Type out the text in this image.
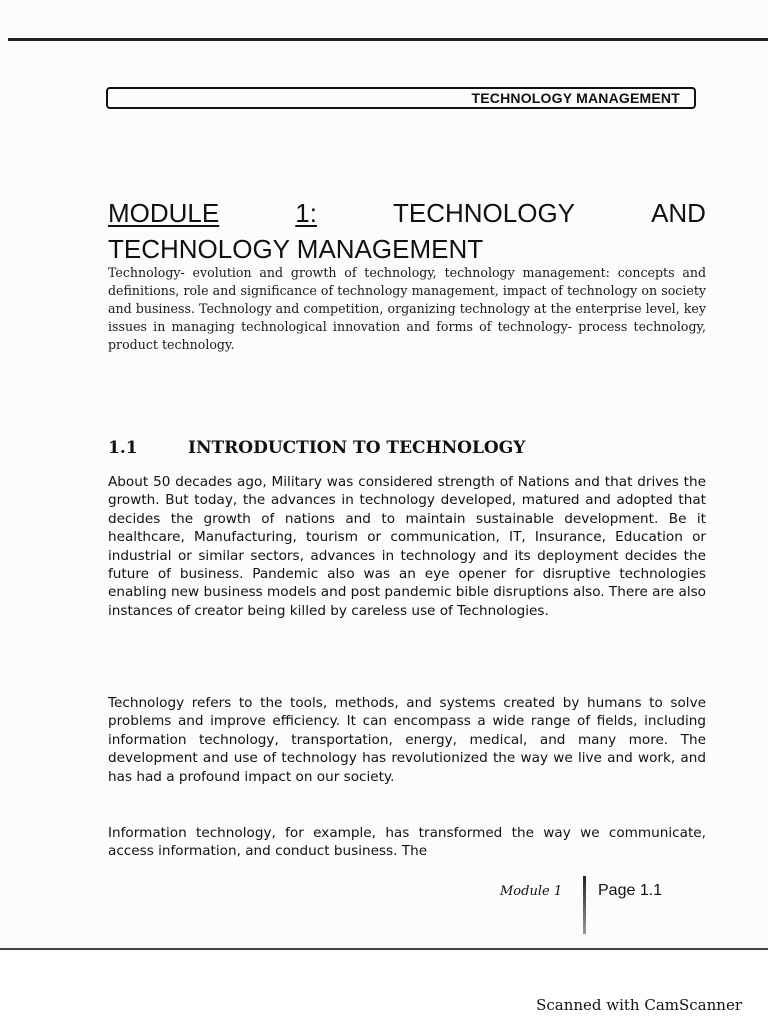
TECHNOLOGY MANAGEMENT
MODULE	1:	TECHNOLOGY	AND
TECHNOLOGY MANAGEMENT

Technology- evolution and growth of technology, technology management: concepts and definitions, role and significance of technology management, impact of technology on society and business. Technology and competition, organizing technology at the enterprise level, key issues in managing technological innovation and forms of technology- process technology, product technology.

1.1	INTRODUCTION TO TECHNOLOGY

About 50 decades ago, Military was considered strength of Nations and that drives the growth. But today, the advances in technology developed, matured and adopted that decides the growth of nations and to maintain sustainable development. Be it healthcare, Manufacturing, tourism or communication, IT, Insurance, Education or industrial or similar sectors, advances in technology and its deployment decides the future of business. Pandemic also was an eye opener for disruptive technologies enabling new business models and post pandemic bible disruptions also. There are also instances of creator being killed by careless use of Technologies.

Technology refers to the tools, methods, and systems created by humans to solve problems and improve efficiency. It can encompass a wide range of fields, including information technology, transportation, energy, medical, and many more. The development and use of technology has revolutionized the way we live and work, and has had a profound impact on our society.

Information technology, for example, has transformed the way we communicate, access information, and conduct business. The

Module 1 Page 1.1
Scanned with CamScanner
